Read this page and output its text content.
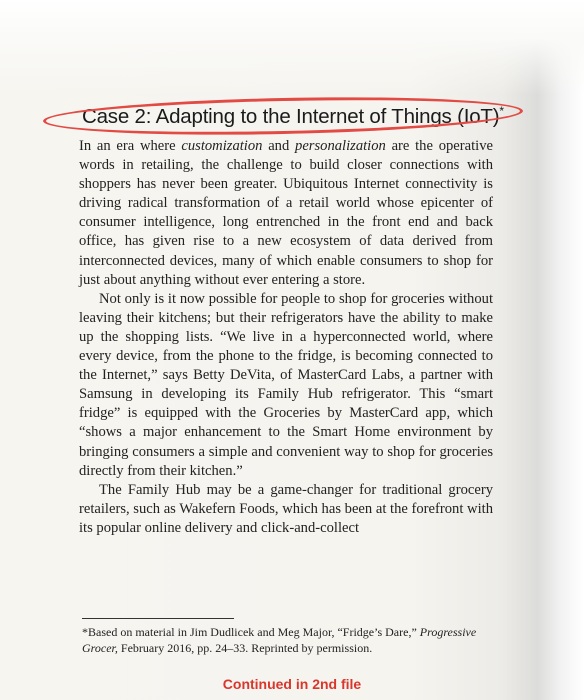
Case 2: Adapting to the Internet of Things (IoT)*

In an era where customization and personalization are the operative words in retailing, the challenge to build closer connections with shoppers has never been greater. Ubiquitous Internet connectivity is driving radical transformation of a retail world whose epicenter of consumer intelligence, long entrenched in the front end and back office, has given rise to a new ecosystem of data derived from interconnected devices, many of which enable consumers to shop for just about anything without ever entering a store.

Not only is it now possible for people to shop for groceries without leaving their kitchens; but their refrigerators have the ability to make up the shopping lists. “We live in a hyperconnected world, where every device, from the phone to the fridge, is becoming connected to the Internet,” says Betty DeVita, of MasterCard Labs, a partner with Samsung in developing its Family Hub refrigerator. This “smart fridge” is equipped with the Groceries by MasterCard app, which “shows a major enhancement to the Smart Home environment by bringing consumers a simple and convenient way to shop for groceries directly from their kitchen.”

The Family Hub may be a game-changer for traditional grocery retailers, such as Wakefern Foods, which has been at the forefront with its popular online delivery and click-and-collect

*Based on material in Jim Dudlicek and Meg Major, “Fridge’s Dare,” Progressive Grocer, February 2016, pp. 24–33. Reprinted by permission.
Continued in 2nd file
